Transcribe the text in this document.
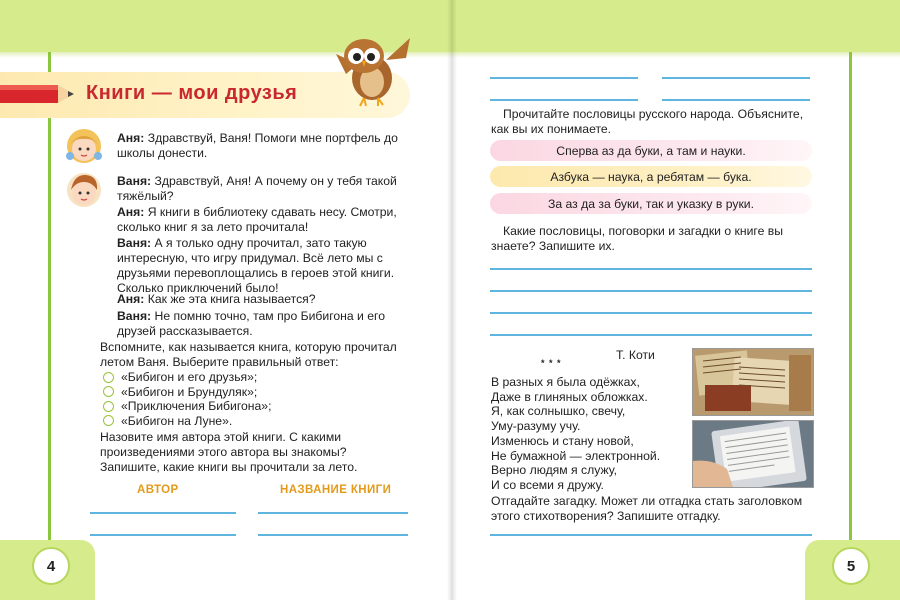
Книги — мои друзья
Аня: Здравствуй, Ваня! Помоги мне портфель до школы донести.
Ваня: Здравствуй, Аня! А почему он у тебя такой тяжёлый?
Аня: Я книги в библиотеку сдавать несу. Смотри, сколько книг я за лето прочитала!
Ваня: А я только одну прочитал, зато такую интересную, что игру придумал. Всё лето мы с друзьями перевоплощались в героев этой книги. Сколько приключений было!
Аня: Как же эта книга называется?
Ваня: Не помню точно, там про Бибигона и его друзей рассказывается.
Вспомните, как называется книга, которую прочитал летом Ваня. Выберите правильный ответ:
«Бибигон и его друзья»;
«Бибигон и Брундуляк»;
«Приключения Бибигона»;
«Бибигон на Луне».
Назовите имя автора этой книги. С какими произведениями этого автора вы знакомы?
Запишите, какие книги вы прочитали за лето.
АВТОР	НАЗВАНИЕ КНИГИ
4
Прочитайте пословицы русского народа. Объясните, как вы их понимаете.
Сперва аз да буки, а там и науки.
Азбука — наука, а ребятам — бука.
За аз да за буки, так и указку в руки.
Какие пословицы, поговорки и загадки о книге вы знаете? Запишите их.
Т. Коти
* * *
В разных я была одёжках,
Даже в глиняных обложках.
Я, как солнышко, свечу,
Уму-разуму учу.
Изменюсь и стану новой,
Не бумажной — электронной.
Верно людям я служу,
И со всеми я дружу.
Отгадайте загадку. Может ли отгадка стать заголовком этого стихотворения? Запишите отгадку.
5
